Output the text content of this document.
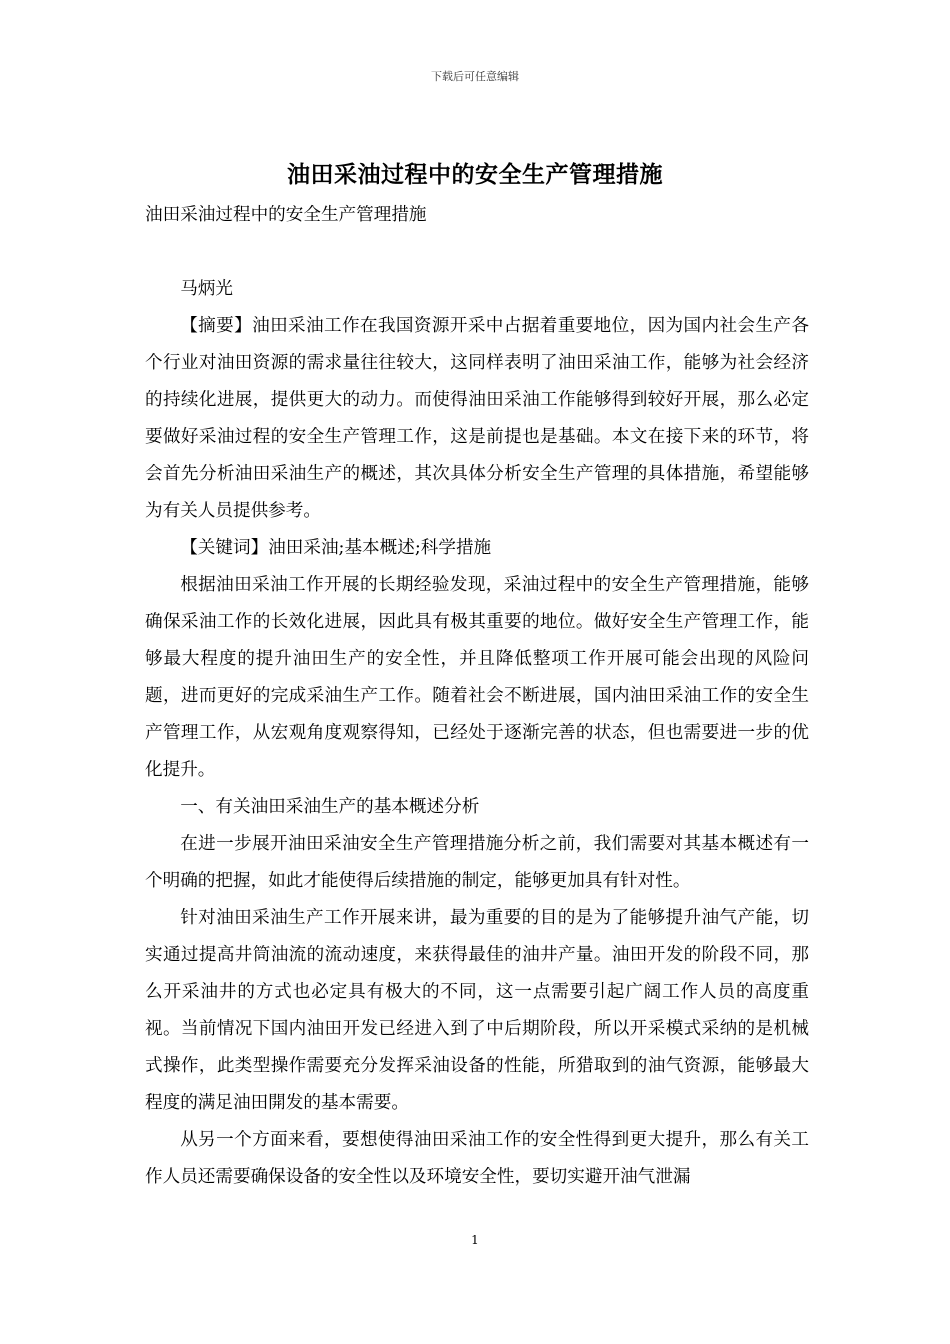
下载后可任意编辑
油田采油过程中的安全生产管理措施

油田采油过程中的安全生产管理措施

马炳光

【摘要】油田采油工作在我国资源开采中占据着重要地位，因为国内社会生产各个行业对油田资源的需求量往往较大，这同样表明了油田采油工作，能够为社会经济的持续化进展，提供更大的动力。而使得油田采油工作能够得到较好开展，那么必定要做好采油过程的安全生产管理工作，这是前提也是基础。本文在接下来的环节，将会首先分析油田采油生产的概述，其次具体分析安全生产管理的具体措施，希望能够为有关人员提供参考。

【关键词】油田采油;基本概述;科学措施

根据油田采油工作开展的长期经验发现，采油过程中的安全生产管理措施，能够确保采油工作的长效化进展，因此具有极其重要的地位。做好安全生产管理工作，能够最大程度的提升油田生产的安全性，并且降低整项工作开展可能会出现的风险问题，进而更好的完成采油生产工作。随着社会不断进展，国内油田采油工作的安全生产管理工作，从宏观角度观察得知，已经处于逐渐完善的状态，但也需要进一步的优化提升。

一、有关油田采油生产的基本概述分析

在进一步展开油田采油安全生产管理措施分析之前，我们需要对其基本概述有一个明确的把握，如此才能使得后续措施的制定，能够更加具有针对性。

针对油田采油生产工作开展来讲，最为重要的目的是为了能够提升油气产能，切实通过提高井筒油流的流动速度，来获得最佳的油井产量。油田开发的阶段不同，那么开采油井的方式也必定具有极大的不同，这一点需要引起广阔工作人员的高度重视。当前情况下国内油田开发已经进入到了中后期阶段，所以开采模式采纳的是机械式操作，此类型操作需要充分发挥采油设备的性能，所猎取到的油气资源，能够最大程度的满足油田開发的基本需要。

从另一个方面来看，要想使得油田采油工作的安全性得到更大提升，那么有关工作人员还需要确保设备的安全性以及环境安全性，要切实避开油气泄漏

1
